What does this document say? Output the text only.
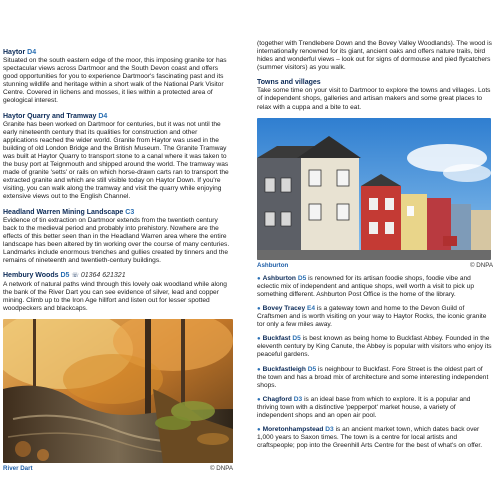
Haytor D4

Situated on the south eastern edge of the moor, this imposing granite tor has spectacular views across Dartmoor and the South Devon coast and offers good opportunities for you to experience Dartmoor's fascinating past and its stunning wildlife and heritage within a short walk of the National Park Visitor Centre. Covered in lichens and mosses, it lies within a protected area of geological interest.

Haytor Quarry and Tramway D4

Granite has been worked on Dartmoor for centuries, but it was not until the early nineteenth century that its qualities for construction and other applications reached the wider world. Granite from Haytor was used in the building of old London Bridge and the British Museum. The Granite Tramway was built at Haytor Quarry to transport stone to a canal where it was taken to the busy port at Teignmouth and shipped around the world. The tramway was made of granite 'setts' or rails on which horse-drawn carts ran to transport the extracted granite and which are still visible today on Haytor Down. If you're visiting, you can walk along the tramway and visit the quarry while enjoying extensive views out to the English Channel.

Headland Warren Mining Landscape C3

Evidence of tin extraction on Dartmoor extends from the twentieth century back to the medieval period and probably into prehistory. Nowhere are the effects of this better seen than in the Headland Warren area where the entire landscape has been altered by tin working over the course of many centuries. Landmarks include enormous trenches and gullies created by tinners and the remains of nineteenth and twentieth-century buildings.

Hembury Woods D5 ☏ 01364 621321

A network of natural paths wind through this lovely oak woodland while along the bank of the River Dart you can see evidence of silver, lead and copper mining. Climb up to the Iron Age hillfort and listen out for lesser spotted woodpeckers and blackcaps.

River Dart	© DNPA

(together with Trendlebere Down and the Bovey Valley Woodlands). The wood is internationally renowned for its giant, ancient oaks and offers nature trails, bird hides and wonderful views – look out for signs of dormouse and pied flycatchers (summer visitors) as you walk.

Towns and villages

Take some time on your visit to Dartmoor to explore the towns and villages. Lots of independent shops, galleries and artisan makers and some great places to relax with a cuppa and a bite to eat.

Ashburton	© DNPA

● Ashburton D5 is renowned for its artisan foodie shops, foodie vibe and eclectic mix of independent and antique shops, well worth a visit to pick up something different. Ashburton Post Office is the home of the library.

● Bovey Tracey E4 is a gateway town and home to the Devon Guild of Craftsmen and is worth visiting on your way to Haytor Rocks, the iconic granite tor only a few miles away.

● Buckfast D5 is best known as being home to Buckfast Abbey. Founded in the eleventh century by King Canute, the Abbey is popular with visitors who enjoy its peaceful gardens.

● Buckfastleigh D5 is neighbour to Buckfast. Fore Street is the oldest part of the town and has a broad mix of architecture and some interesting independent shops.

● Chagford D3 is an ideal base from which to explore. It is a popular and thriving town with a distinctive 'pepperpot' market house, a variety of independent shops and an open air pool.

● Moretonhampstead D3 is an ancient market town, which dates back over 1,000 years to Saxon times. The town is a centre for local artists and craftspeople; pop into the Greenhill Arts Centre for the best of what's on offer.
